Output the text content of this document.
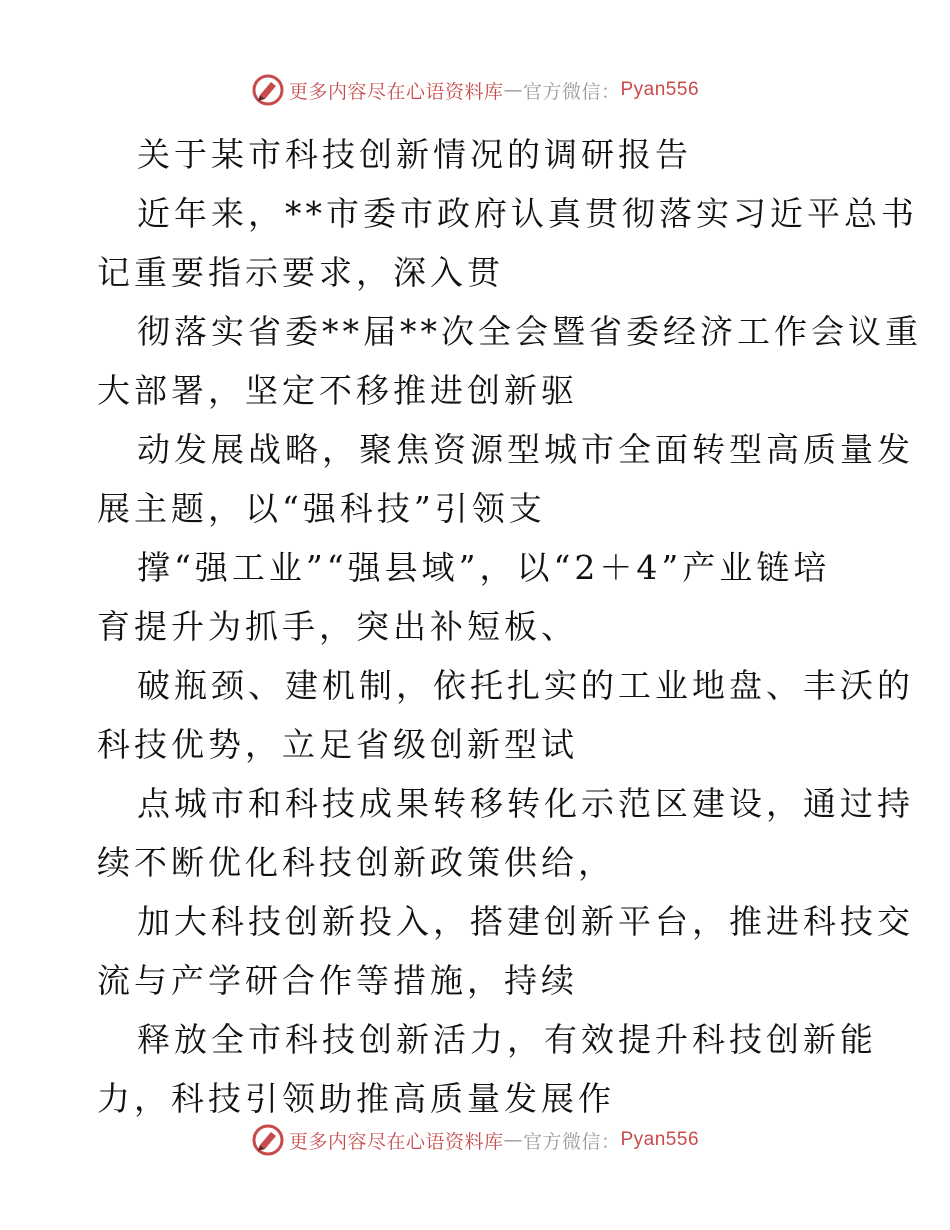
更多内容尽在心语资料库 — 官方微信： Pyan556
关于某市科技创新情况的调研报告
近年来，**市委市政府认真贯彻落实习近平总书
记重要指示要求，深入贯
彻落实省委**届**次全会暨省委经济工作会议重
大部署，坚定不移推进创新驱
动发展战略，聚焦资源型城市全面转型高质量发
展主题，以“强科技”引领支
撑“强工业”“强县域”，以“2＋4”产业链培
育提升为抓手，突出补短板、
破瓶颈、建机制，依托扎实的工业地盘、丰沃的
科技优势，立足省级创新型试
点城市和科技成果转移转化示范区建设，通过持
续不断优化科技创新政策供给，
加大科技创新投入，搭建创新平台，推进科技交
流与产学研合作等措施，持续
释放全市科技创新活力，有效提升科技创新能
力，科技引领助推高质量发展作
更多内容尽在心语资料库 — 官方微信： Pyan556
